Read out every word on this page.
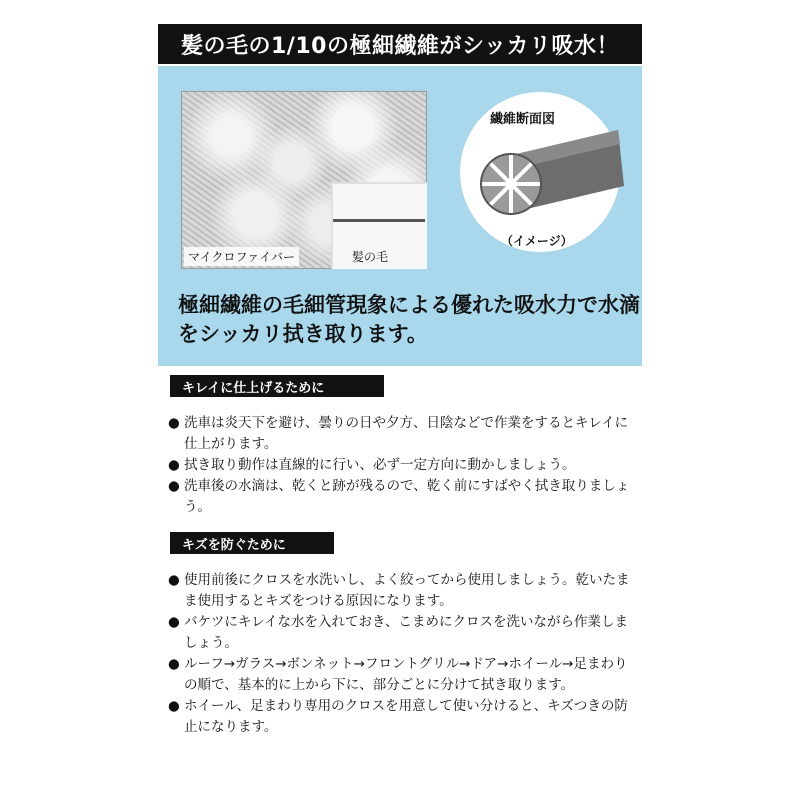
髪の毛の1/10の極細繊維がシッカリ吸水！
マイクロファイバー	髪の毛
繊維断面図
（イメージ）
極細繊維の毛細管現象による優れた吸水力で水滴をシッカリ拭き取ります。
キレイに仕上げるために
● 洗車は炎天下を避け、曇りの日や夕方、日陰などで作業をするとキレイに仕上がります。
● 拭き取り動作は直線的に行い、必ず一定方向に動かしましょう。
● 洗車後の水滴は、乾くと跡が残るので、乾く前にすばやく拭き取りましょう。
キズを防ぐために
● 使用前後にクロスを水洗いし、よく絞ってから使用しましょう。乾いたまま使用するとキズをつける原因になります。
● バケツにキレイな水を入れておき、こまめにクロスを洗いながら作業しましょう。
● ルーフ→ガラス→ボンネット→フロントグリル→ドア→ホイール→足まわりの順で、基本的に上から下に、部分ごとに分けて拭き取ります。
● ホイール、足まわり専用のクロスを用意して使い分けると、キズつきの防止になります。
